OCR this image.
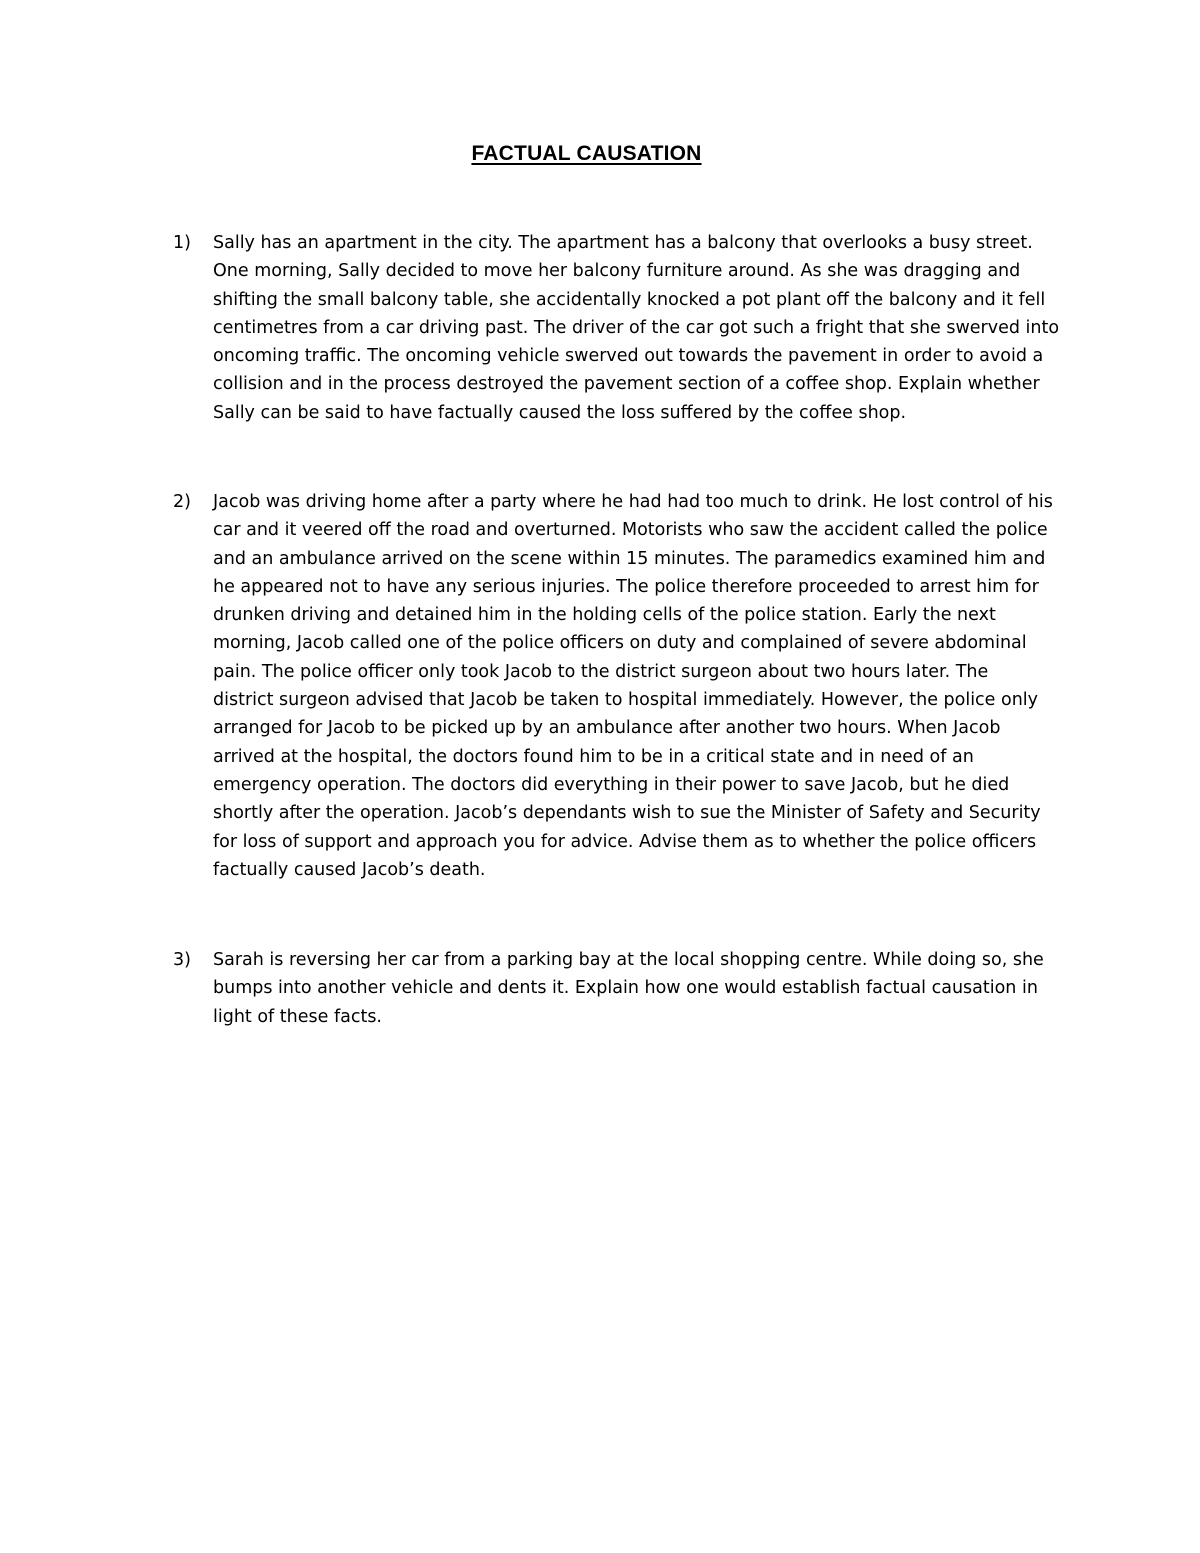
FACTUAL CAUSATION
1)	Sally has an apartment in the city. The apartment has a balcony that overlooks a busy street.
One morning, Sally decided to move her balcony furniture around. As she was dragging and
shifting the small balcony table, she accidentally knocked a pot plant off the balcony and it fell
centimetres from a car driving past. The driver of the car got such a fright that she swerved into
oncoming traffic. The oncoming vehicle swerved out towards the pavement in order to avoid a
collision and in the process destroyed the pavement section of a coffee shop. Explain whether
Sally can be said to have factually caused the loss suffered by the coffee shop.
2)	Jacob was driving home after a party where he had had too much to drink. He lost control of his
car and it veered off the road and overturned. Motorists who saw the accident called the police
and an ambulance arrived on the scene within 15 minutes. The paramedics examined him and
he appeared not to have any serious injuries. The police therefore proceeded to arrest him for
drunken driving and detained him in the holding cells of the police station. Early the next
morning, Jacob called one of the police officers on duty and complained of severe abdominal
pain. The police officer only took Jacob to the district surgeon about two hours later. The
district surgeon advised that Jacob be taken to hospital immediately. However, the police only
arranged for Jacob to be picked up by an ambulance after another two hours. When Jacob
arrived at the hospital, the doctors found him to be in a critical state and in need of an
emergency operation. The doctors did everything in their power to save Jacob, but he died
shortly after the operation. Jacob’s dependants wish to sue the Minister of Safety and Security
for loss of support and approach you for advice. Advise them as to whether the police officers
factually caused Jacob’s death.
3)	Sarah is reversing her car from a parking bay at the local shopping centre. While doing so, she
bumps into another vehicle and dents it. Explain how one would establish factual causation in
light of these facts.
